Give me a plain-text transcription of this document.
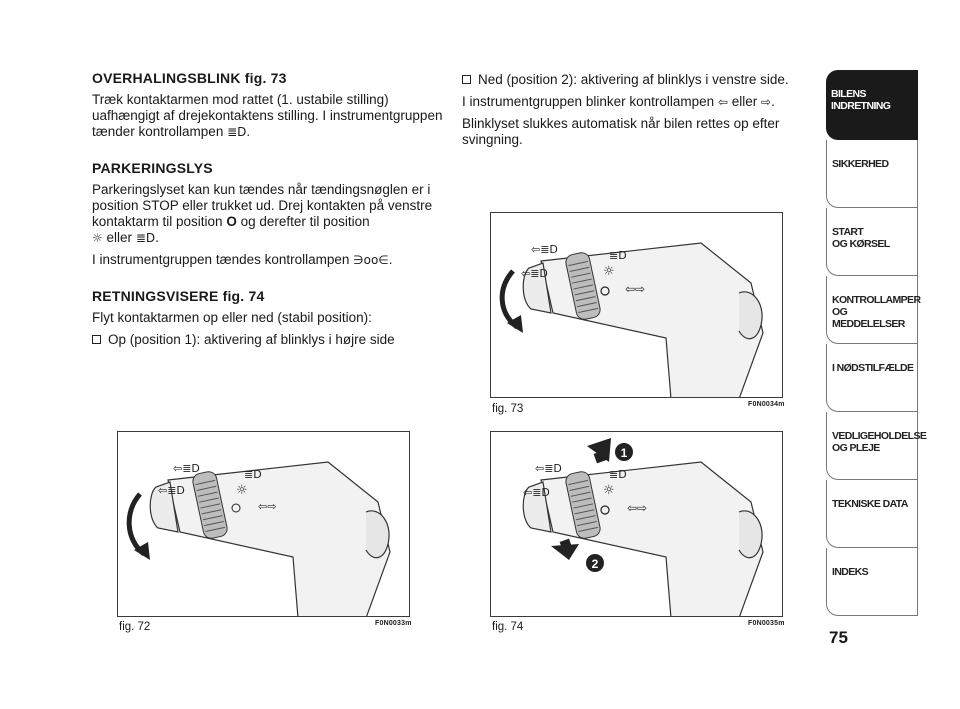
OVERHALINGSBLINK fig. 73

Træk kontaktarmen mod rattet (1. ustabile stilling) uafhængigt af drejekontaktens stilling. I instrumentgruppen tænder kontrollampen ≣D.

PARKERINGSLYS

Parkeringslyset kan kun tændes når tændingsnøglen er i position STOP eller trukket ud. Drej kontakten på venstre kontaktarm til position O og derefter til position
☼ eller ≣D.

I instrumentgruppen tændes kontrollampen ∋oo∈.

RETNINGSVISERE fig. 74

Flyt kontaktarmen op eller ned (stabil position):

Op (position 1): aktivering af blinklys i højre side

Ned (position 2): aktivering af blinklys i venstre side.

I instrumentgruppen blinker kontrollampen ⇦ eller ⇨.

Blinklyset slukkes automatisk når bilen rettes op efter svingning.

⇦≣D
⇦≣D
≣D
☼
⇦⇨
fig. 72	F0N0033m
⇦≣D
⇦≣D
≣D
☼
⇦⇨
fig. 73	F0N0034m
⇦≣D
⇦≣D
≣D
☼
⇦⇨
1
2
fig. 74	F0N0035m
BILENS
INDRETNING
SIKKERHED
START
OG KØRSEL
KONTROLLAMPER
OG MEDDELELSER
I NØDSTILFÆLDE
VEDLIGEHOLDELSE
OG PLEJE
TEKNISKE DATA
INDEKS
75
